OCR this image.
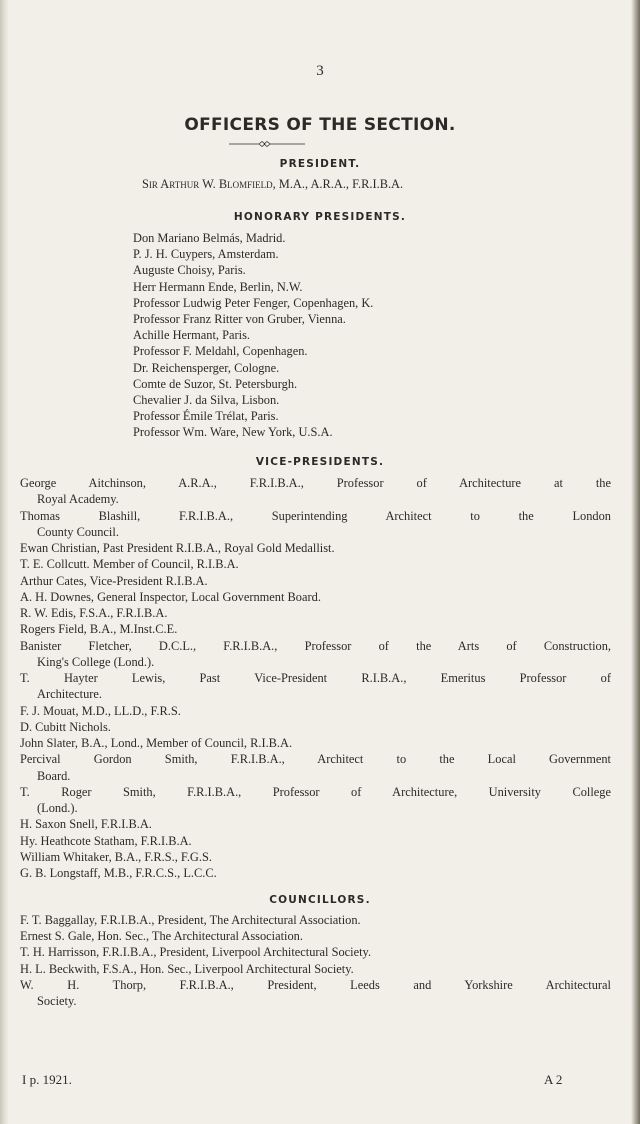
3
OFFICERS OF THE SECTION.
PRESIDENT.
Sir Arthur W. Blomfield, M.A., A.R.A., F.R.I.B.A.
HONORARY PRESIDENTS.
Don Mariano Belmás, Madrid.
P. J. H. Cuypers, Amsterdam.
Auguste Choisy, Paris.
Herr Hermann Ende, Berlin, N.W.
Professor Ludwig Peter Fenger, Copenhagen, K.
Professor Franz Ritter von Gruber, Vienna.
Achille Hermant, Paris.
Professor F. Meldahl, Copenhagen.
Dr. Reichensperger, Cologne.
Comte de Suzor, St. Petersburgh.
Chevalier J. da Silva, Lisbon.
Professor Émile Trélat, Paris.
Professor Wm. Ware, New York, U.S.A.
VICE-PRESIDENTS.
George Aitchinson, A.R.A., F.R.I.B.A., Professor of Architecture at the
Royal Academy.
Thomas Blashill, F.R.I.B.A., Superintending Architect to the London
County Council.
Ewan Christian, Past President R.I.B.A., Royal Gold Medallist.
T. E. Collcutt. Member of Council, R.I.B.A.
Arthur Cates, Vice-President R.I.B.A.
A. H. Downes, General Inspector, Local Government Board.
R. W. Edis, F.S.A., F.R.I.B.A.
Rogers Field, B.A., M.Inst.C.E.
Banister Fletcher, D.C.L., F.R.I.B.A., Professor of the Arts of Construction,
King's College (Lond.).
T. Hayter Lewis, Past Vice-President R.I.B.A., Emeritus Professor of
Architecture.
F. J. Mouat, M.D., LL.D., F.R.S.
D. Cubitt Nichols.
John Slater, B.A., Lond., Member of Council, R.I.B.A.
Percival Gordon Smith, F.R.I.B.A., Architect to the Local Government
Board.
T. Roger Smith, F.R.I.B.A., Professor of Architecture, University College
(Lond.).
H. Saxon Snell, F.R.I.B.A.
Hy. Heathcote Statham, F.R.I.B.A.
William Whitaker, B.A., F.R.S., F.G.S.
G. B. Longstaff, M.B., F.R.C.S., L.C.C.
COUNCILLORS.
F. T. Baggallay, F.R.I.B.A., President, The Architectural Association.
Ernest S. Gale, Hon. Sec., The Architectural Association.
T. H. Harrisson, F.R.I.B.A., President, Liverpool Architectural Society.
H. L. Beckwith, F.S.A., Hon. Sec., Liverpool Architectural Society.
W. H. Thorp, F.R.I.B.A., President, Leeds and Yorkshire Architectural
Society.
I p. 1921.	A 2
